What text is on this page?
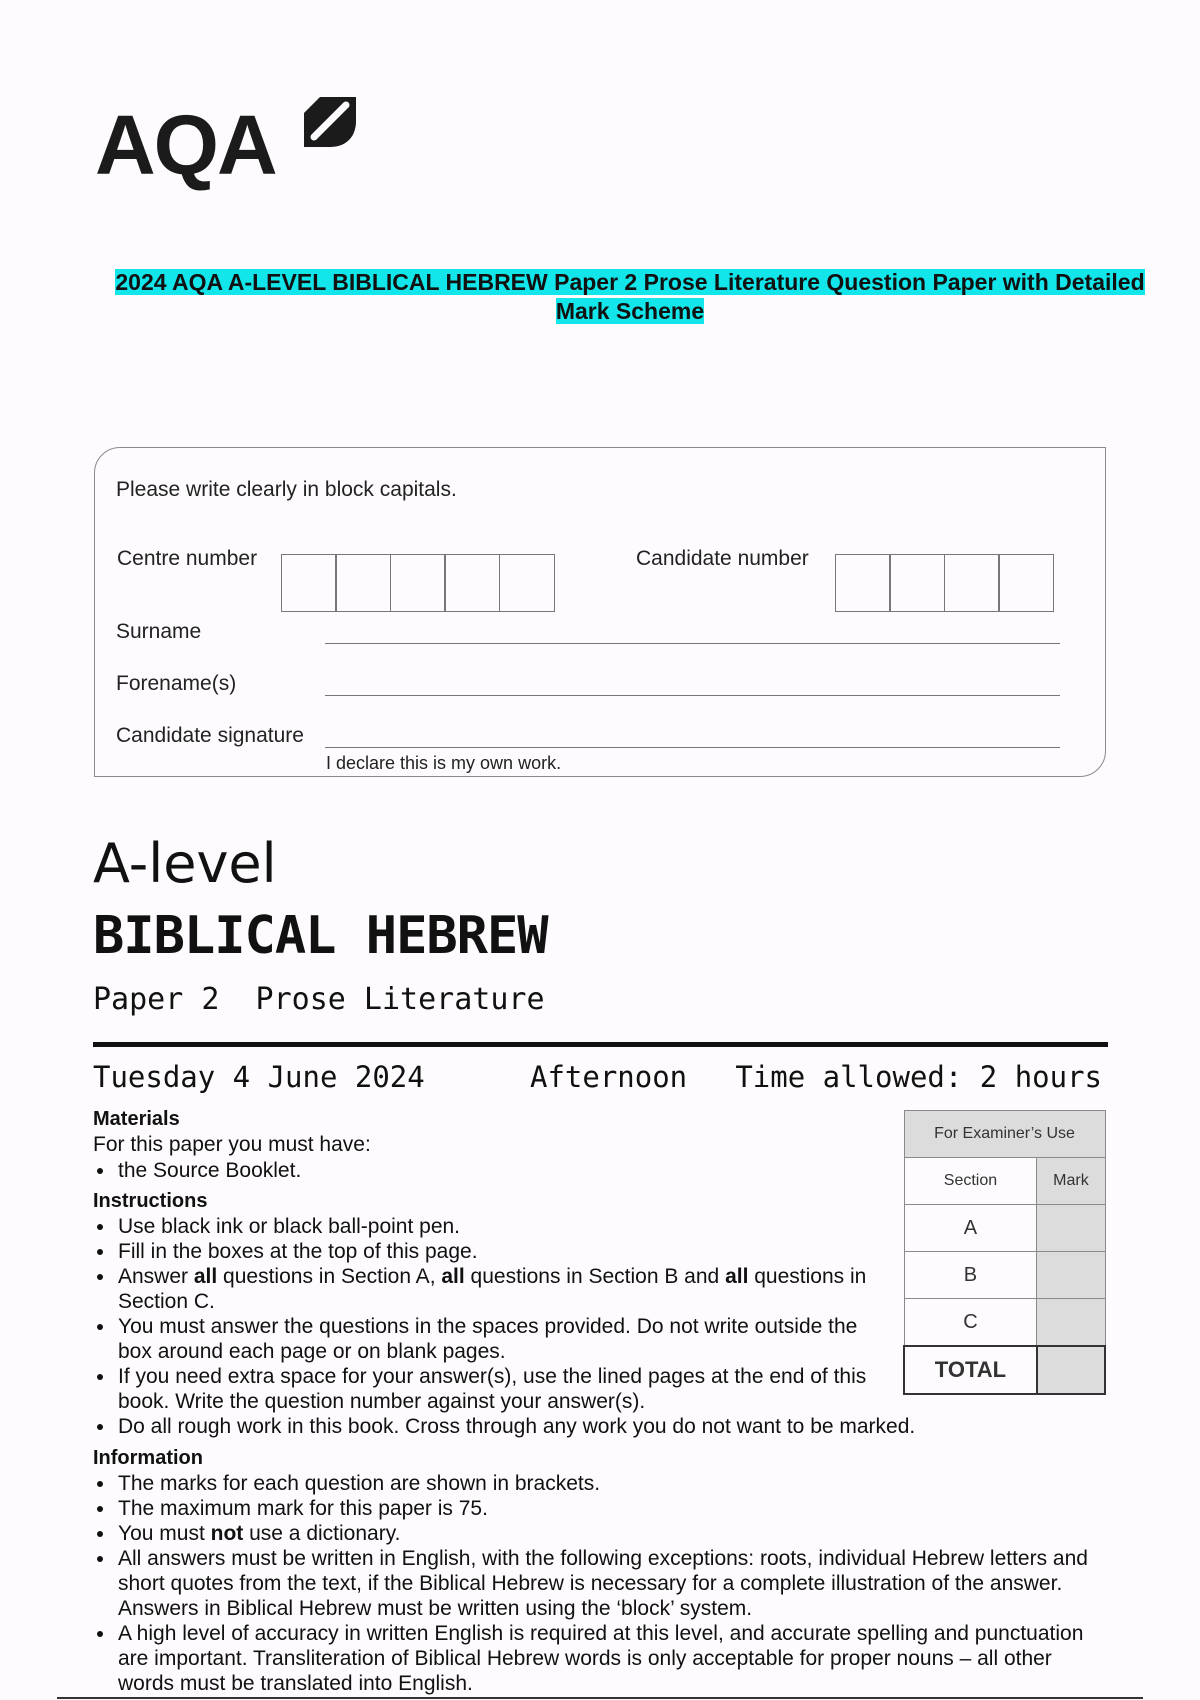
AQA
2024 AQA A-LEVEL BIBLICAL HEBREW Paper 2 Prose Literature Question Paper with Detailed
Mark Scheme
Please write clearly in block capitals.
Centre number	Candidate number
Surname
Forename(s)
Candidate signature
I declare this is my own work.
A-level
BIBLICAL HEBREW
Paper 2  Prose Literature
Tuesday 4 June 2024	Afternoon Time allowed: 2 hours
Materials
For this paper you must have:
the Source Booklet.
Instructions
Use black ink or black ball-point pen.
Fill in the boxes at the top of this page.
Answer all questions in Section A, all questions in Section B and all questions in Section C.
You must answer the questions in the spaces provided. Do not write outside the box around each page or on blank pages.
If you need extra space for your answer(s), use the lined pages at the end of this book. Write the question number against your answer(s).
Do all rough work in this book. Cross through any work you do not want to be marked.
Information
The marks for each question are shown in brackets.
The maximum mark for this paper is 75.
You must not use a dictionary.
All answers must be written in English, with the following exceptions: roots, individual Hebrew letters and short quotes from the text, if the Biblical Hebrew is necessary for a complete illustration of the answer. Answers in Biblical Hebrew must be written using the ‘block’ system.
A high level of accuracy in written English is required at this level, and accurate spelling and punctuation are important. Transliteration of Biblical Hebrew words is only acceptable for proper nouns – all other words must be translated into English.
For Examiner’s Use	
Section	Mark
A	
B	
C	
TOTAL	
